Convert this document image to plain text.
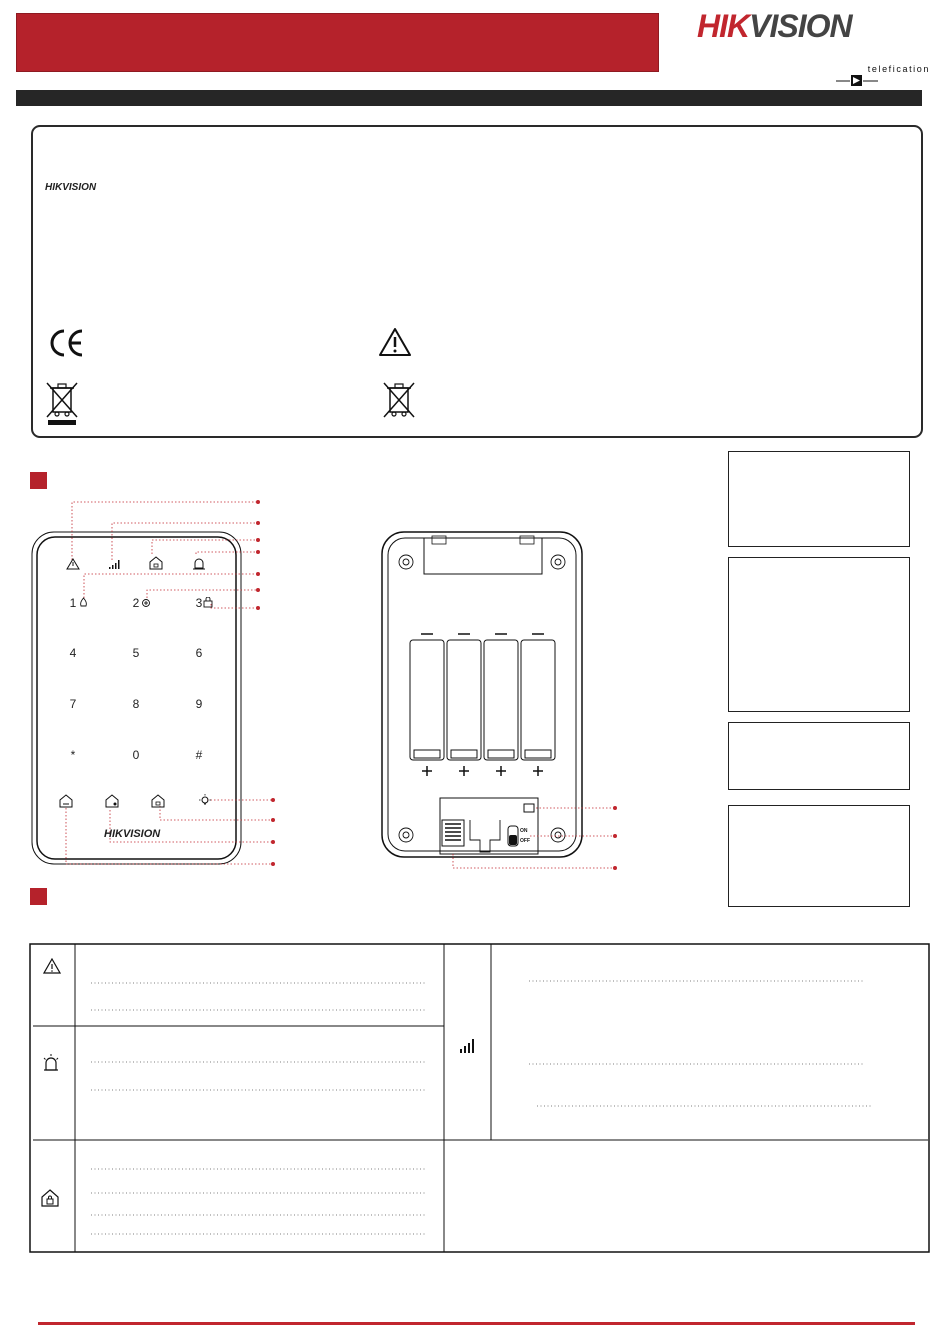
HIKVISION
telefication
HIKVISION
1	2	3
4	5	6
7	8	9
*	0	#
HIKVISION	ON
OFF
